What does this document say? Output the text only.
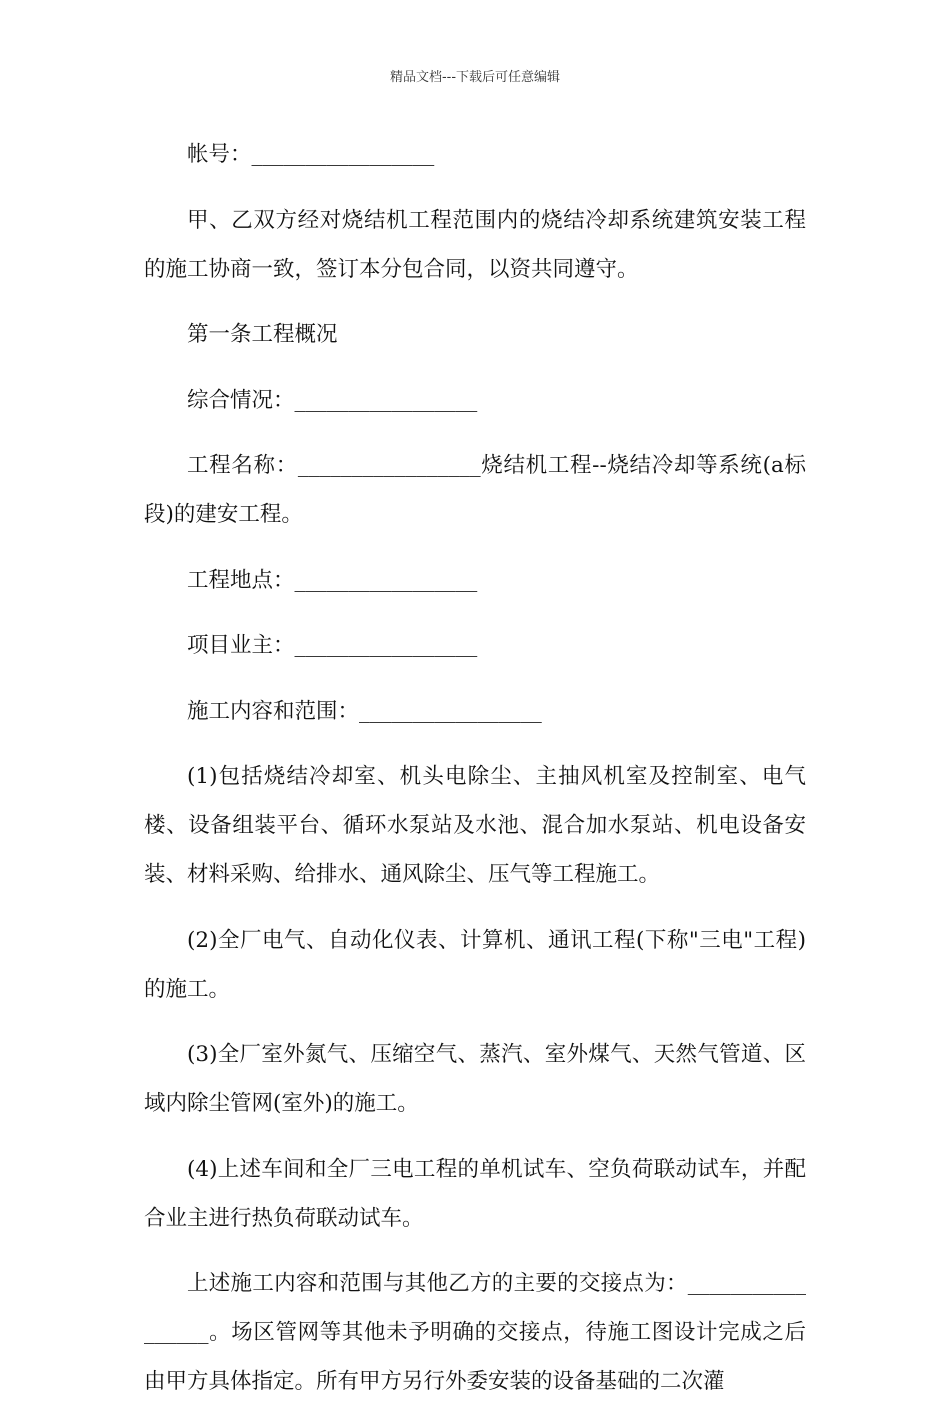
精品文档---下载后可任意编辑

帐号：_________________

甲、乙双方经对烧结机工程范围内的烧结冷却系统建筑安装工程的施工协商一致，签订本分包合同，以资共同遵守。

第一条工程概况

综合情况：_________________

工程名称：_________________烧结机工程--烧结冷却等系统(a标段)的建安工程。

工程地点：_________________

项目业主：_________________

施工内容和范围：_________________

(1)包括烧结冷却室、机头电除尘、主抽风机室及控制室、电气楼、设备组装平台、循环水泵站及水池、混合加水泵站、机电设备安装、材料采购、给排水、通风除尘、压气等工程施工。

(2)全厂电气、自动化仪表、计算机、通讯工程(下称"三电"工程)的施工。

(3)全厂室外氮气、压缩空气、蒸汽、室外煤气、天然气管道、区域内除尘管网(室外)的施工。

(4)上述车间和全厂三电工程的单机试车、空负荷联动试车，并配合业主进行热负荷联动试车。

上述施工内容和范围与其他乙方的主要的交接点为：_________________。场区管网等其他未予明确的交接点，待施工图设计完成之后由甲方具体指定。所有甲方另行外委安装的设备基础的二次灌
